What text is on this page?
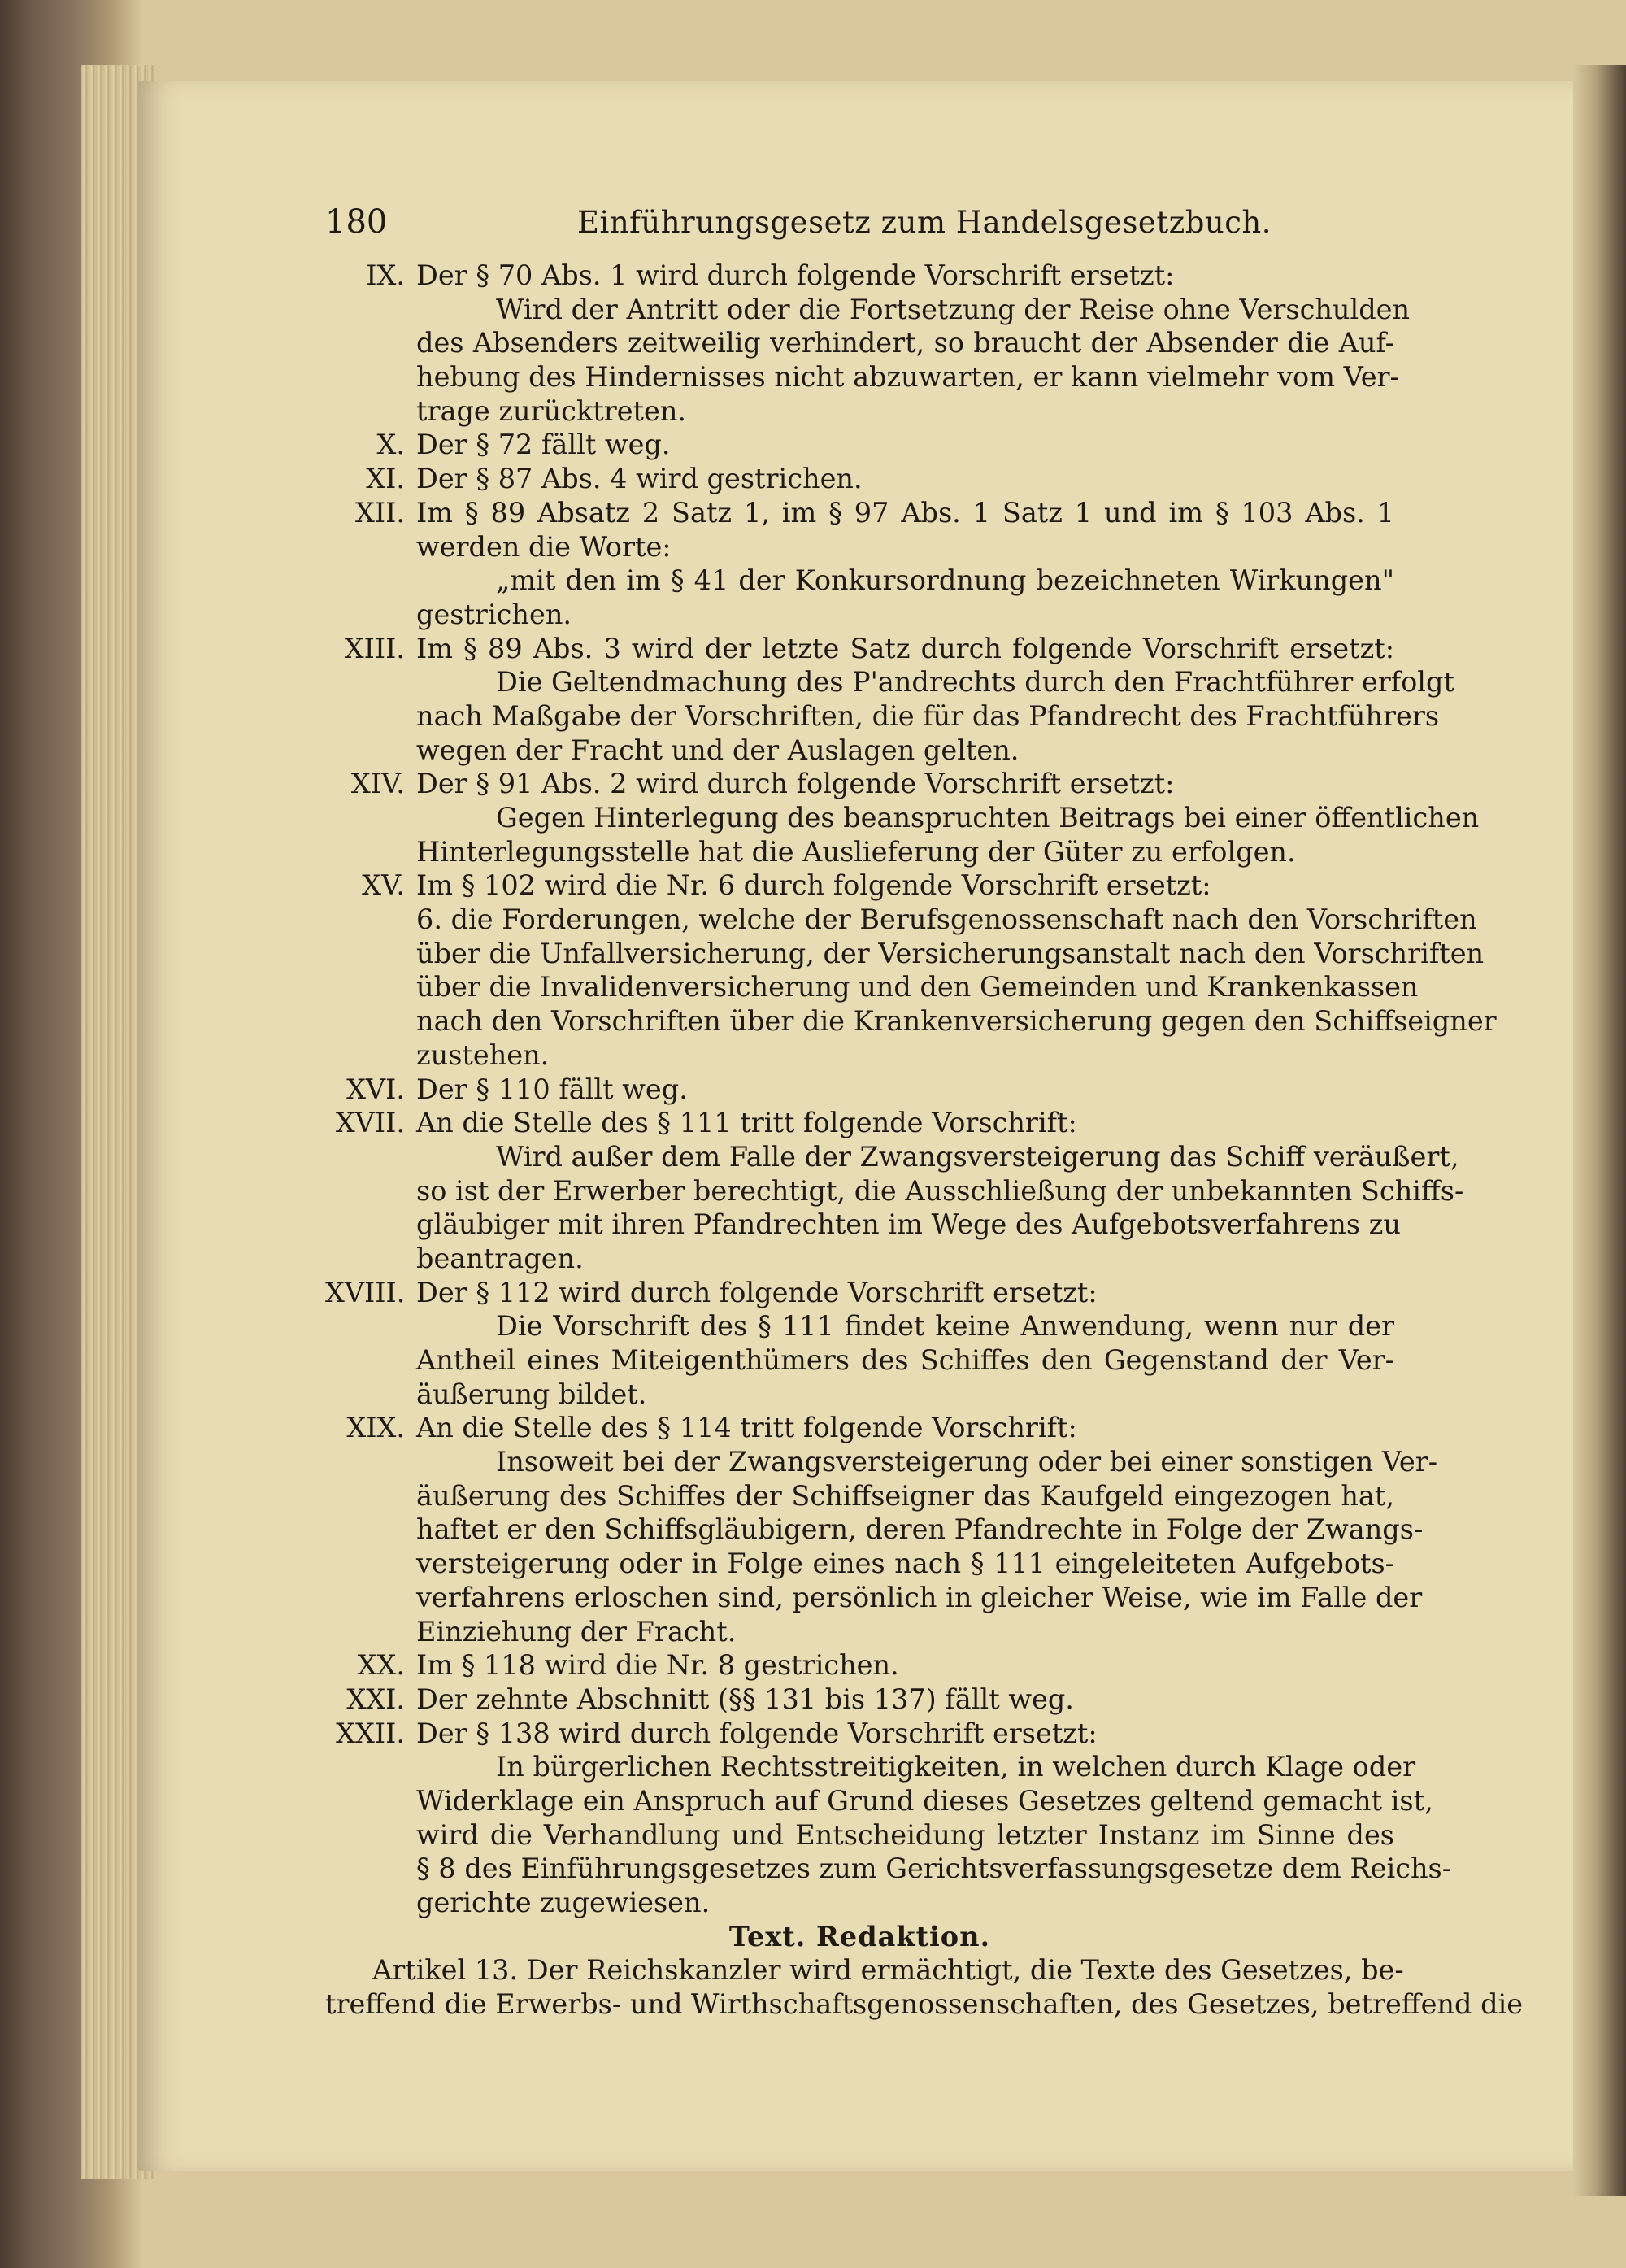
180	Einführungsgesetz zum Handelsgesetzbuch.
IX. Der § 70 Abs. 1 wird durch folgende Vorschrift ersetzt:
Wird der Antritt oder die Fortsetzung der Reise ohne Verschulden
des Absenders zeitweilig verhindert, so braucht der Absender die Auf-
hebung des Hindernisses nicht abzuwarten, er kann vielmehr vom Ver-
trage zurücktreten.
X. Der § 72 fällt weg.
XI. Der § 87 Abs. 4 wird gestrichen.
XII. Im § 89 Absatz 2 Satz 1, im § 97 Abs. 1 Satz 1 und im § 103 Abs. 1
werden die Worte:
„mit den im § 41 der Konkursordnung bezeichneten Wirkungen"
gestrichen.
XIII. Im § 89 Abs. 3 wird der letzte Satz durch folgende Vorschrift ersetzt:
Die Geltendmachung des P'andrechts durch den Frachtführer erfolgt
nach Maßgabe der Vorschriften, die für das Pfandrecht des Frachtführers
wegen der Fracht und der Auslagen gelten.
XIV. Der § 91 Abs. 2 wird durch folgende Vorschrift ersetzt:
Gegen Hinterlegung des beanspruchten Beitrags bei einer öffentlichen
Hinterlegungsstelle hat die Auslieferung der Güter zu erfolgen.
XV. Im § 102 wird die Nr. 6 durch folgende Vorschrift ersetzt:
6. die Forderungen, welche der Berufsgenossenschaft nach den Vorschriften
über die Unfallversicherung, der Versicherungsanstalt nach den Vorschriften
über die Invalidenversicherung und den Gemeinden und Krankenkassen
nach den Vorschriften über die Krankenversicherung gegen den Schiffseigner
zustehen.
XVI. Der § 110 fällt weg.
XVII. An die Stelle des § 111 tritt folgende Vorschrift:
Wird außer dem Falle der Zwangsversteigerung das Schiff veräußert,
so ist der Erwerber berechtigt, die Ausschließung der unbekannten Schiffs-
gläubiger mit ihren Pfandrechten im Wege des Aufgebotsverfahrens zu
beantragen.
XVIII. Der § 112 wird durch folgende Vorschrift ersetzt:
Die Vorschrift des § 111 findet keine Anwendung, wenn nur der
Antheil eines Miteigenthümers des Schiffes den Gegenstand der Ver-
äußerung bildet.
XIX. An die Stelle des § 114 tritt folgende Vorschrift:
Insoweit bei der Zwangsversteigerung oder bei einer sonstigen Ver-
äußerung des Schiffes der Schiffseigner das Kaufgeld eingezogen hat,
haftet er den Schiffsgläubigern, deren Pfandrechte in Folge der Zwangs-
versteigerung oder in Folge eines nach § 111 eingeleiteten Aufgebots-
verfahrens erloschen sind, persönlich in gleicher Weise, wie im Falle der
Einziehung der Fracht.
XX. Im § 118 wird die Nr. 8 gestrichen.
XXI. Der zehnte Abschnitt (§§ 131 bis 137) fällt weg.
XXII. Der § 138 wird durch folgende Vorschrift ersetzt:
In bürgerlichen Rechtsstreitigkeiten, in welchen durch Klage oder
Widerklage ein Anspruch auf Grund dieses Gesetzes geltend gemacht ist,
wird die Verhandlung und Entscheidung letzter Instanz im Sinne des
§ 8 des Einführungsgesetzes zum Gerichtsverfassungsgesetze dem Reichs-
gerichte zugewiesen.
Text. Redaktion.
Artikel 13. Der Reichskanzler wird ermächtigt, die Texte des Gesetzes, be-
treffend die Erwerbs- und Wirthschaftsgenossenschaften, des Gesetzes, betreffend die
